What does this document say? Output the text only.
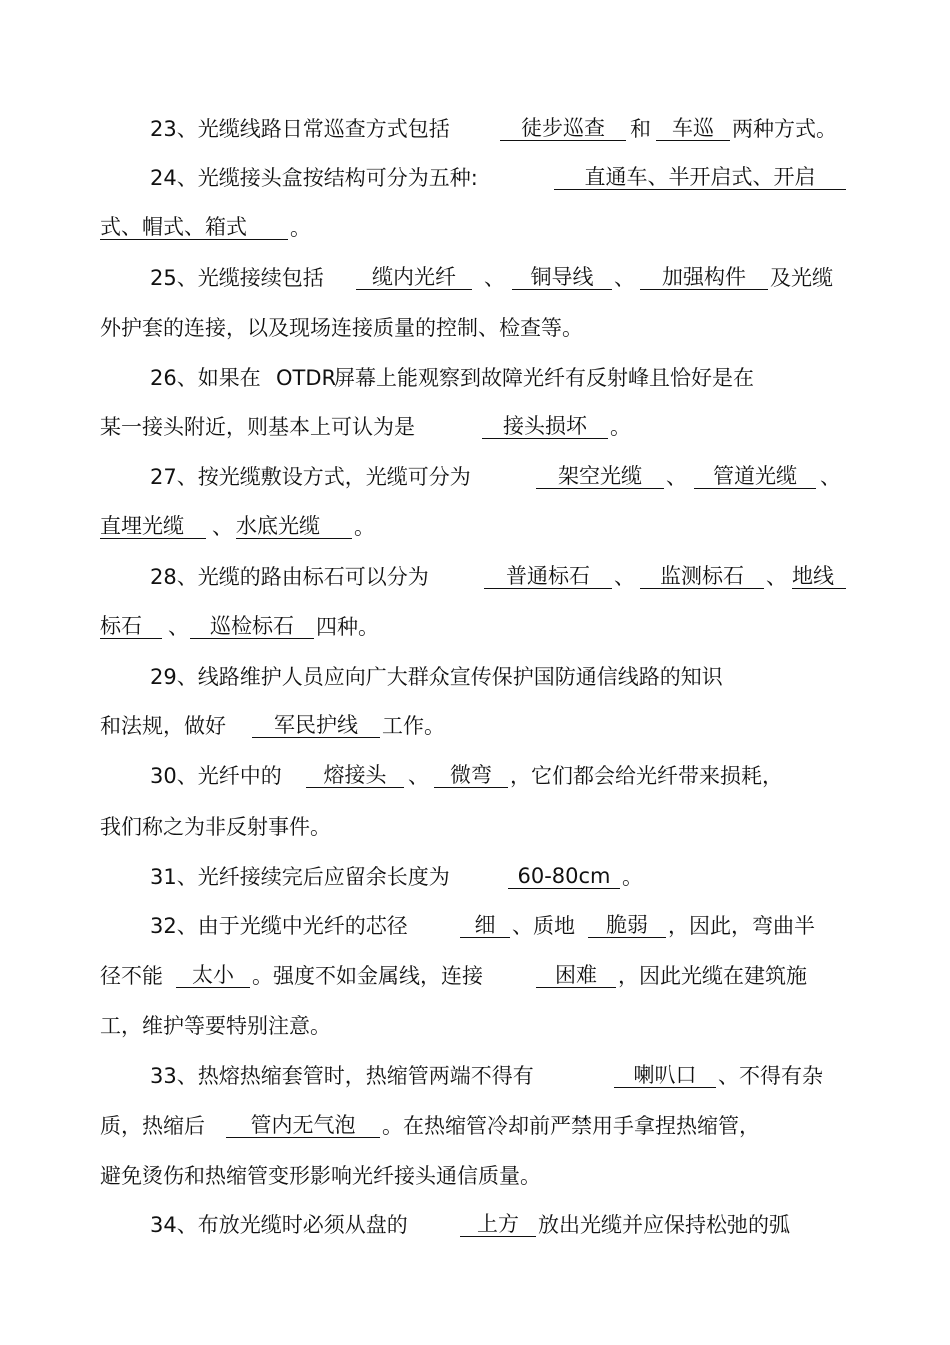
23、光缆线路日常巡查方式包括	徒步巡查	和	车巡 两种方式。
24、光缆接头盒按结构可分为五种:	直通车、半开启式、开启
式、帽式、箱式	。
25、光缆接续包括	缆内光纤	、	铜导线 、	加强构件	及光缆
外护套的连接，以及现场连接质量的控制、检查等。
26、如果在 OTDR
屏幕上能观察到故障光纤有反射峰且恰好是在
某一接头附近，则基本上可认为是	接头损坏	。
27、按光缆敷设方式，光缆可分为	架空光缆	、	管道光缆	、
直埋光缆	、 水底光缆	。
28、光缆的路由标石可以分为	普通标石	、	监测标石	、 地线
标石	、	巡检标石	四种。
29、线路维护人员应向广大群众宣传保护国防通信线路的知识
和法规，做好	军民护线	工作。
30、光纤中的	熔接头	、	微弯 ，它们都会给光纤带来损耗，
我们称之为非反射事件。
31、光纤接续完后应留余长度为	60-80cm 。
32、由于光缆中光纤的芯径	细 、质地	脆弱 ，因此，弯曲半
径不能	太小 。强度不如金属线，连接	困难	，因此光缆在建筑施
工，维护等要特别注意。
33、热熔热缩套管时，热缩管两端不得有	喇叭口	、不得有杂
质，热缩后	管内无气泡	。在热缩管冷却前严禁用手拿捏热缩管，
避免烫伤和热缩管变形影响光纤接头通信质量。
34、布放光缆时必须从盘的	上方 放出光缆并应保持松弛的弧
